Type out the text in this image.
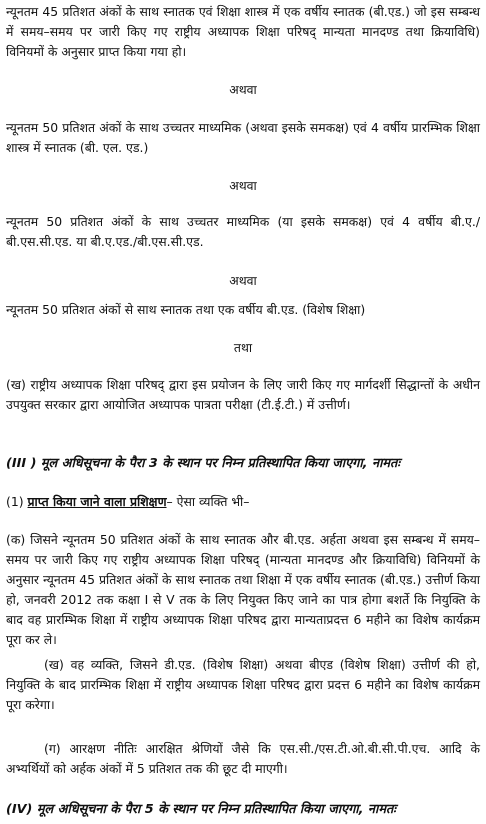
न्यूनतम 45 प्रतिशत अंकों के साथ स्नातक एवं शिक्षा शास्त्र में एक वर्षीय स्नातक (बी.एड.) जो इस सम्बन्ध में समय–समय पर जारी किए गए राष्ट्रीय अध्यापक शिक्षा परिषद् मान्यता मानदण्ड तथा क्रियाविधि) विनियमों के अनुसार प्राप्त किया गया हो।

अथवा

न्यूनतम 50 प्रतिशत अंकों के साथ उच्चतर माध्यमिक (अथवा इसके समकक्ष) एवं 4 वर्षीय प्रारम्भिक शिक्षा शास्त्र में स्नातक (बी. एल. एड.)

अथवा

न्यूनतम 50 प्रतिशत अंकों के साथ उच्चतर माध्यमिक (या इसके समकक्ष) एवं 4 वर्षीय बी.ए./ बी.एस.सी.एड. या बी.ए.एड./बी.एस.सी.एड.

अथवा

न्यूनतम 50 प्रतिशत अंकों से साथ स्नातक तथा एक वर्षीय बी.एड. (विशेष शिक्षा)

तथा

(ख) राष्ट्रीय अध्यापक शिक्षा परिषद् द्वारा इस प्रयोजन के लिए जारी किए गए मार्गदर्शी सिद्धान्तों के अधीन उपयुक्त सरकार द्वारा आयोजित अध्यापक पात्रता परीक्षा (टी.ई.टी.) में उत्तीर्ण।

(III ) मूल अधिसूचना के पैरा 3 के स्थान पर निम्न प्रतिस्थापित किया जाएगा, नामतः

(1) प्राप्त किया जाने वाला प्रशिक्षण– ऐसा व्यक्ति भी–

(क) जिसने न्यूनतम 50 प्रतिशत अंकों के साथ स्नातक और बी.एड. अर्हता अथवा इस सम्बन्ध में समय–समय पर जारी किए गए राष्ट्रीय अध्यापक शिक्षा परिषद् (मान्यता मानदण्ड और क्रियाविधि) विनियमों के अनुसार न्यूनतम 45 प्रतिशत अंकों के साथ स्नातक तथा शिक्षा में एक वर्षीय स्नातक (बी.एड.) उत्तीर्ण किया हो, जनवरी 2012 तक कक्षा I से V तक के लिए नियुक्त किए जाने का पात्र होगा बशर्ते कि नियुक्ति के बाद वह प्रारम्भिक शिक्षा में राष्ट्रीय अध्यापक शिक्षा परिषद द्वारा मान्यताप्रदत्त 6 महीने का विशेष कार्यक्रम पूरा कर ले।

(ख) वह व्यक्ति, जिसने डी.एड. (विशेष शिक्षा) अथवा बीएड (विशेष शिक्षा) उत्तीर्ण की हो, नियुक्ति के बाद प्रारम्भिक शिक्षा में राष्ट्रीय अध्यापक शिक्षा परिषद द्वारा प्रदत्त 6 महीने का विशेष कार्यक्रम पूरा करेगा।

(ग) आरक्षण नीतिः आरक्षित श्रेणियों जैसे कि एस.सी./एस.टी.ओ.बी.सी.पी.एच. आदि के अभ्यर्थियों को अर्हक अंकों में 5 प्रतिशत तक की छूट दी माएगी।

(IV) मूल अधिसूचना के पैरा 5 के स्थान पर निम्न प्रतिस्थापित किया जाएगा, नामतः
